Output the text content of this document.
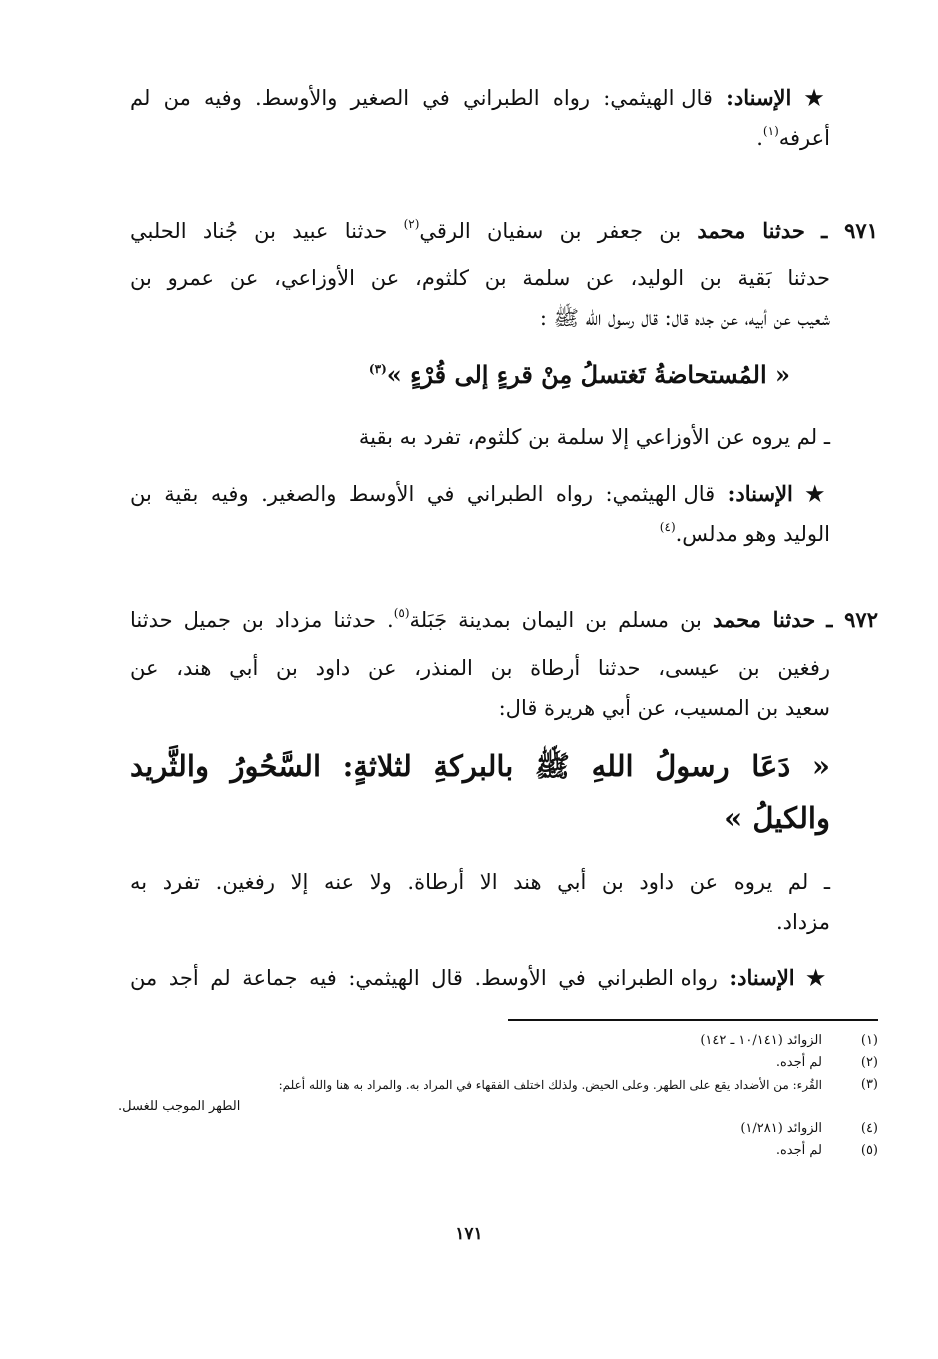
★ الإسناد: قال الهيثمي: رواه الطبراني في الصغير والأوسط. وفيه من لم
أعرفه$^{(١)}$.
٩٧١ ـ حدثنا محمد بن جعفر بن سفيان الرقي$^{(٢)}$ حدثنا عبيد بن جُناد الحلبي
حدثنا بَقية بن الوليد، عن سلمة بن كلثوم، عن الأوزاعي، عن عمرو بن
شعيب عن أبيه، عن جده قال: قال رسول الله ﷺ :
« المُستحاضةُ تَغتسلُ مِنْ قرءٍ إلى قُرْءٍ »$^{(٣)}$
ـ لم يروه عن الأوزاعي إلا سلمة بن كلثوم، تفرد به بقية
★ الإسناد: قال الهيثمي: رواه الطبراني في الأوسط والصغير. وفيه بقية بن
الوليد وهو مدلس.$^{(٤)}$
٩٧٢ ـ حدثنا محمد بن مسلم بن اليمان بمدينة جَبَلة$^{(٥)}$. حدثنا مزداد بن جميل حدثنا
رفغين بن عيسى، حدثنا أرطاة بن المنذر، عن داود بن أبي هند، عن
سعيد بن المسيب، عن أبي هريرة قال:
« دَعَا رسولُ اللهِ ﷺ بالبركةِ لثلاثةٍ: السَّحُورُ والثَّريد
والكيلُ »
ـ لم يروه عن داود بن أبي هند الا أرطاة. ولا عنه إلا رفغين. تفرد به
مزداد.
★ الإسناد: رواه الطبراني في الأوسط. قال الهيثمي: فيه جماعة لم أجد من
(١)
الزوائد (١٠/١٤١ ـ ١٤٢)
(٢)
لم أجده.
(٣)
القُرء: من الأضداد يقع على الطهر. وعلى الحيض. ولذلك اختلف الفقهاء في المراد به. والمراد به هنا والله أعلم:
الطهر الموجب للغسل.
(٤)
الزوائد (١/٢٨١)
(٥)
لم أجده.
١٧١
